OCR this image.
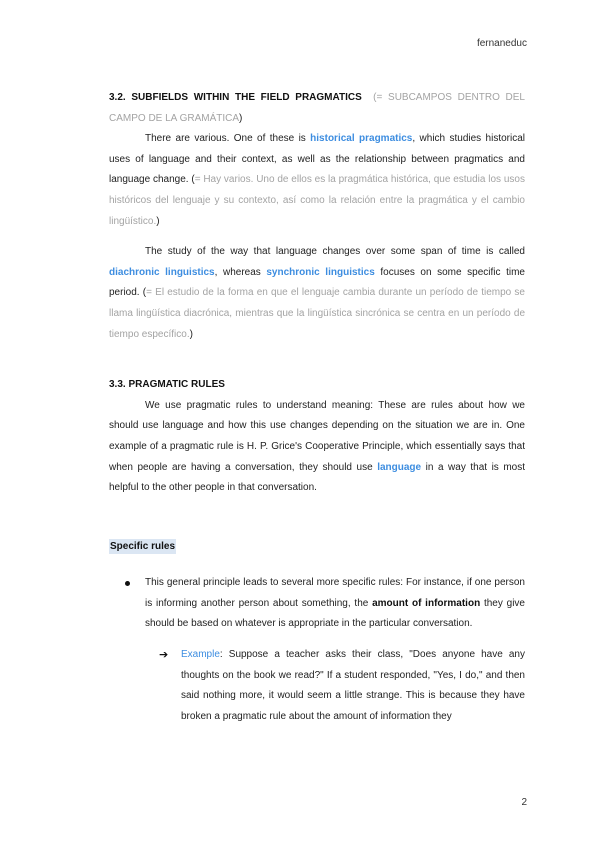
fernaneduc

3.2. SUBFIELDS WITHIN THE FIELD PRAGMATICS (= SUBCAMPOS DENTRO DEL CAMPO DE LA GRAMÁTICA)

There are various. One of these is historical pragmatics, which studies historical uses of language and their context, as well as the relationship between pragmatics and language change. (= Hay varios. Uno de ellos es la pragmática histórica, que estudia los usos históricos del lenguaje y su contexto, así como la relación entre la pragmática y el cambio lingüístico.)

The study of the way that language changes over some span of time is called diachronic linguistics, whereas synchronic linguistics focuses on some specific time period. (= El estudio de la forma en que el lenguaje cambia durante un período de tiempo se llama lingüística diacrónica, mientras que la lingüística sincrónica se centra en un período de tiempo específico.)

3.3. PRAGMATIC RULES

We use pragmatic rules to understand meaning: These are rules about how we should use language and how this use changes depending on the situation we are in. One example of a pragmatic rule is H. P. Grice's Cooperative Principle, which essentially says that when people are having a conversation, they should use language in a way that is most helpful to the other people in that conversation.

Specific rules

This general principle leads to several more specific rules: For instance, if one person is informing another person about something, the amount of information they give should be based on whatever is appropriate in the particular conversation.
➔ Example: Suppose a teacher asks their class, "Does anyone have any thoughts on the book we read?" If a student responded, "Yes, I do," and then said nothing more, it would seem a little strange. This is because they have broken a pragmatic rule about the amount of information they
2
